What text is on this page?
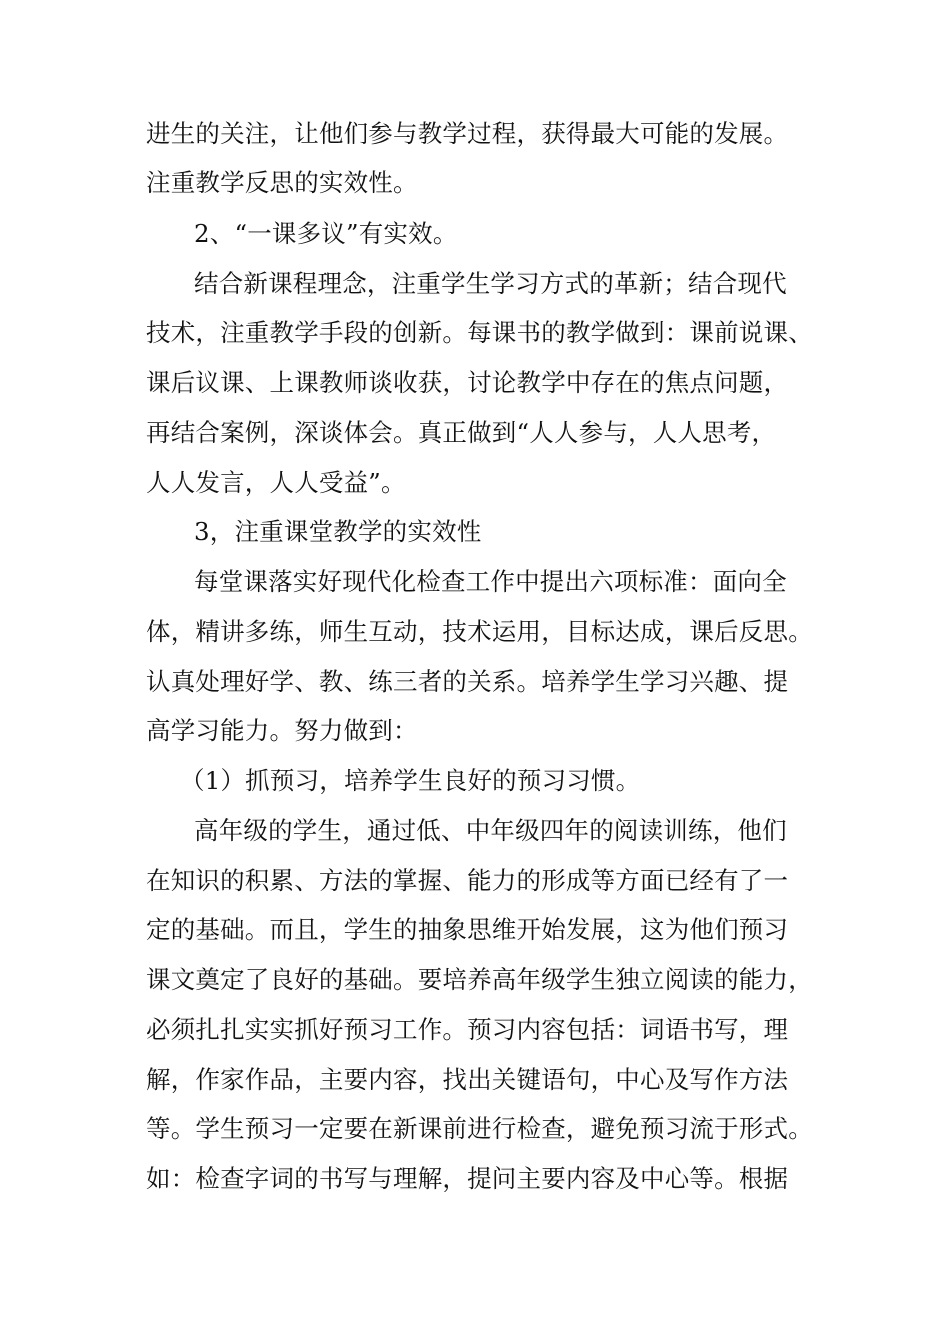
进生的关注，让他们参与教学过程，获得最大可能的发展。
注重教学反思的实效性。
2、“一课多议”有实效。
结合新课程理念，注重学生学习方式的革新；结合现代
技术，注重教学手段的创新。每课书的教学做到：课前说课、
课后议课、上课教师谈收获，讨论教学中存在的焦点问题，
再结合案例，深谈体会。真正做到“人人参与，人人思考，
人人发言，人人受益”。
3，注重课堂教学的实效性
每堂课落实好现代化检查工作中提出六项标准：面向全
体，精讲多练，师生互动，技术运用，目标达成，课后反思。
认真处理好学、教、练三者的关系。培养学生学习兴趣、提
高学习能力。努力做到：
（1）抓预习，培养学生良好的预习习惯。
高年级的学生，通过低、中年级四年的阅读训练，他们
在知识的积累、方法的掌握、能力的形成等方面已经有了一
定的基础。而且，学生的抽象思维开始发展，这为他们预习
课文奠定了良好的基础。要培养高年级学生独立阅读的能力，
必须扎扎实实抓好预习工作。预习内容包括：词语书写，理
解，作家作品，主要内容，找出关键语句，中心及写作方法
等。学生预习一定要在新课前进行检查，避免预习流于形式。
如：检查字词的书写与理解，提问主要内容及中心等。根据
